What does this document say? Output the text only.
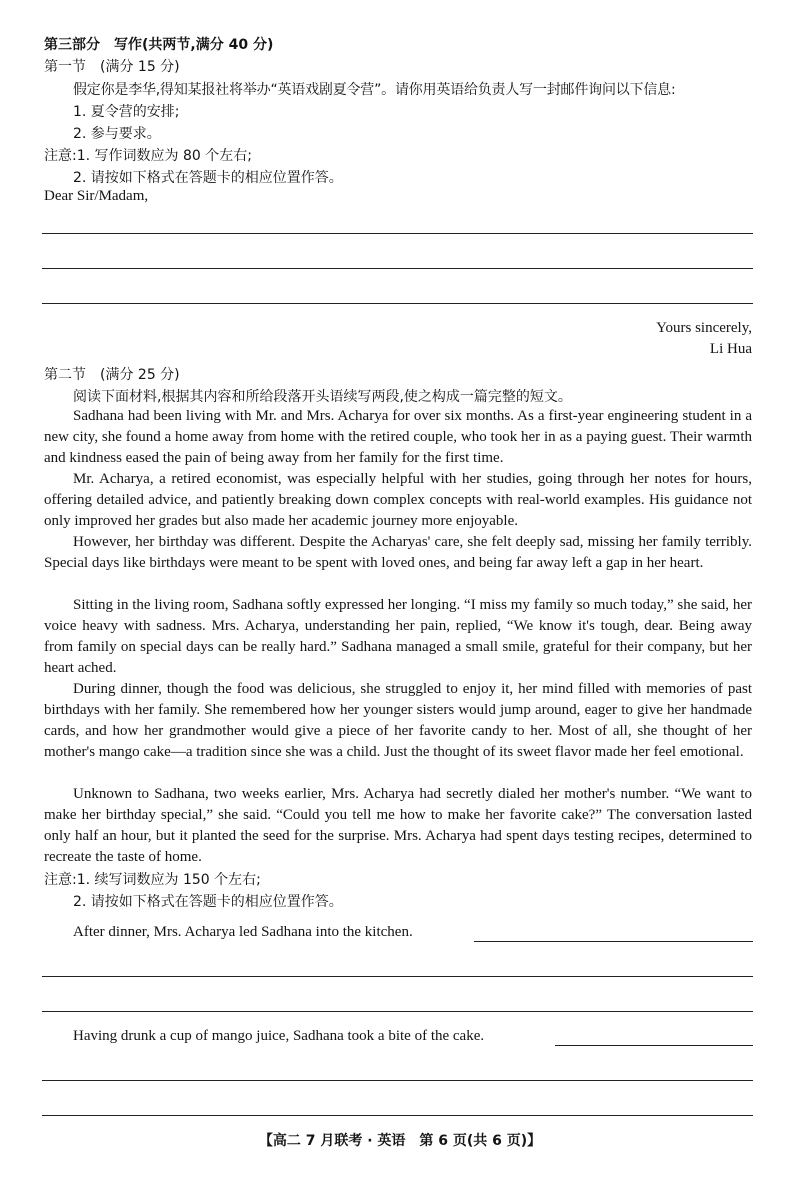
第三部分　写作(共两节,满分 40 分)
第一节　(满分 15 分)
假定你是李华,得知某报社将举办“英语戏剧夏令营”。请你用英语给负责人写一封邮件询问以下信息:
1. 夏令营的安排;
2. 参与要求。
注意:1. 写作词数应为 80 个左右;
2. 请按如下格式在答题卡的相应位置作答。
Dear Sir/Madam,
Yours sincerely,
Li Hua
第二节　(满分 25 分)
阅读下面材料,根据其内容和所给段落开头语续写两段,使之构成一篇完整的短文。

Sadhana had been living with Mr. and Mrs. Acharya for over six months. As a first-year engineering student in a new city, she found a home away from home with the retired couple, who took her in as a paying guest. Their warmth and kindness eased the pain of being away from her family for the first time.

Mr. Acharya, a retired economist, was especially helpful with her studies, going through her notes for hours, offering detailed advice, and patiently breaking down complex concepts with real-world examples. His guidance not only improved her grades but also made her academic journey more enjoyable.

However, her birthday was different. Despite the Acharyas' care, she felt deeply sad, missing her family terribly. Special days like birthdays were meant to be spent with loved ones, and being far away left a gap in her heart.

Sitting in the living room, Sadhana softly expressed her longing. “I miss my family so much today,” she said, her voice heavy with sadness. Mrs. Acharya, understanding her pain, replied, “We know it's tough, dear. Being away from family on special days can be really hard.” Sadhana managed a small smile, grateful for their company, but her heart ached.

During dinner, though the food was delicious, she struggled to enjoy it, her mind filled with memories of past birthdays with her family. She remembered how her younger sisters would jump around, eager to give her handmade cards, and how her grandmother would give a piece of her favorite candy to her. Most of all, she thought of her mother's mango cake—a tradition since she was a child. Just the thought of its sweet flavor made her feel emotional.

Unknown to Sadhana, two weeks earlier, Mrs. Acharya had secretly dialed her mother's number. “We want to make her birthday special,” she said. “Could you tell me how to make her favorite cake?” The conversation lasted only half an hour, but it planted the seed for the surprise. Mrs. Acharya had spent days testing recipes, determined to recreate the taste of home.

注意:1. 续写词数应为 150 个左右;
2. 请按如下格式在答题卡的相应位置作答。
After dinner, Mrs. Acharya led Sadhana into the kitchen.
Having drunk a cup of mango juice, Sadhana took a bite of the cake.
【高二 7 月联考 · 英语　第 6 页(共 6 页)】
